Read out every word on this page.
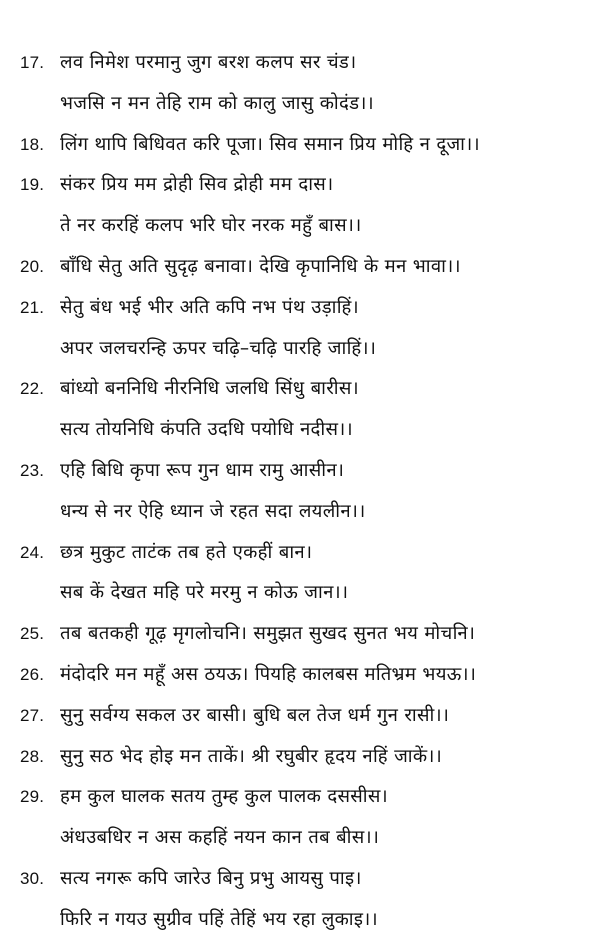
17. लव निमेश परमानु जुग बरश कलप सर चंड।
भजसि न मन तेहि राम को कालु जासु कोदंड।।
18. लिंग थापि बिधिवत करि पूजा। सिव समान प्रिय मोहि न दूजा।।
19. संकर प्रिय मम द्रोही सिव द्रोही मम दास।
ते नर करहिं कलप भरि घोर नरक महुँ बास।।
20. बाँधि सेतु अति सुदृढ़ बनावा। देखि कृपानिधि के मन भावा।।
21. सेतु बंध भई भीर अति कपि नभ पंथ उड़ाहिं।
अपर जलचरन्हि ऊपर चढ़ि–चढ़ि पारहि जाहिं।।
22. बांध्यो बननिधि नीरनिधि जलधि सिंधु बारीस।
सत्य तोयनिधि कंपति उदधि पयोधि नदीस।।
23. एहि बिधि कृपा रूप गुन धाम रामु आसीन।
धन्य से नर ऐहि ध्यान जे रहत सदा लयलीन।।
24. छत्र मुकुट ताटंक तब हते एकहीं बान।
सब कें देखत महि परे मरमु न कोऊ जान।।
25. तब बतकही गूढ़ मृगलोचनि। समुझत सुखद सुनत भय मोचनि।
26. मंदोदरि मन महूँ अस ठयऊ। पियहि कालबस मतिभ्रम भयऊ।।
27. सुनु सर्वग्य सकल उर बासी। बुधि बल तेज धर्म गुन रासी।।
28. सुनु सठ भेद होइ मन ताकें। श्री रघुबीर हृदय नहिं जाकें।।
29. हम कुल घालक सतय तुम्ह कुल पालक दससीस।
अंधउबधिर न अस कहहिं नयन कान तब बीस।।
30. सत्य नगरू कपि जारेउ बिनु प्रभु आयसु पाइ।
फिरि न गयउ सुग्रीव पहिं तेहिं भय रहा लुकाइ।।
